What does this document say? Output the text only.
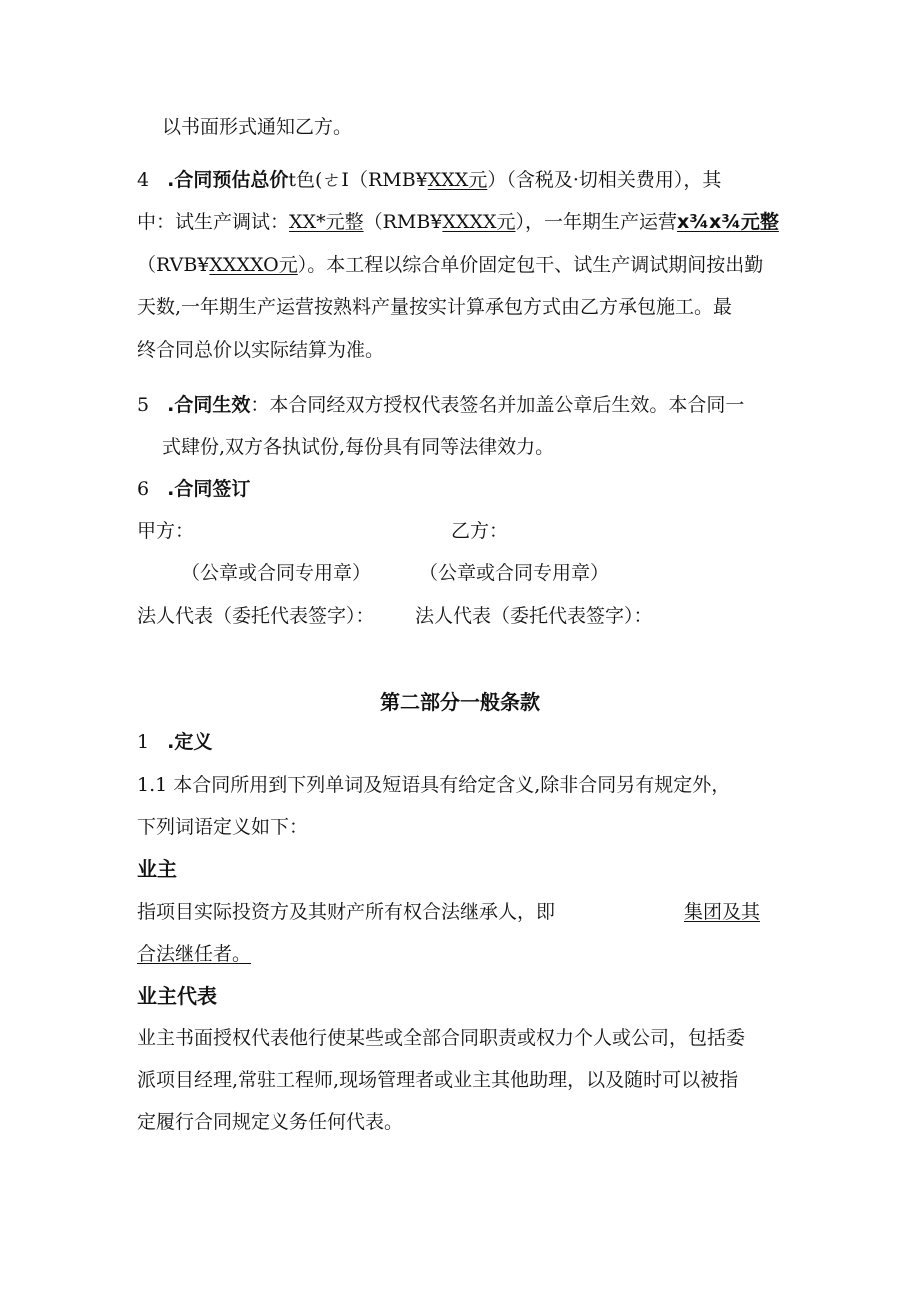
以书面形式通知乙方。
4 .合同预估总价t色(ㄜI（RMB¥XXX元）（含税及·切相关费用），其
中：试生产调试：XX*元整（RMB¥XXXX元），一年期生产运营x¾x¾元整
（RVB¥XXXXO元）。本工程以综合单价固定包干、试生产调试期间按出勤
天数,一年期生产运营按熟料产量按实计算承包方式由乙方承包施工。最
终合同总价以实际结算为准。
5 .合同生效：本合同经双方授权代表签名并加盖公章后生效。本合同一
式肆份,双方各执试份,每份具有同等法律效力。
6 .合同签订
甲方：	乙方：
（公章或合同专用章）	（公章或合同专用章）
法人代表（委托代表签字）： 法人代表（委托代表签字）：
第二部分一般条款
1 .定义
1.1 本合同所用到下列单词及短语具有给定含义,除非合同另有规定外，
下列词语定义如下：
业主
指项目实际投资方及其财产所有权合法继承人，即	集团及其
合法继任者。
业主代表
业主书面授权代表他行使某些或全部合同职责或权力个人或公司，包括委
派项目经理,常驻工程师,现场管理者或业主其他助理，以及随时可以被指
定履行合同规定义务任何代表。
